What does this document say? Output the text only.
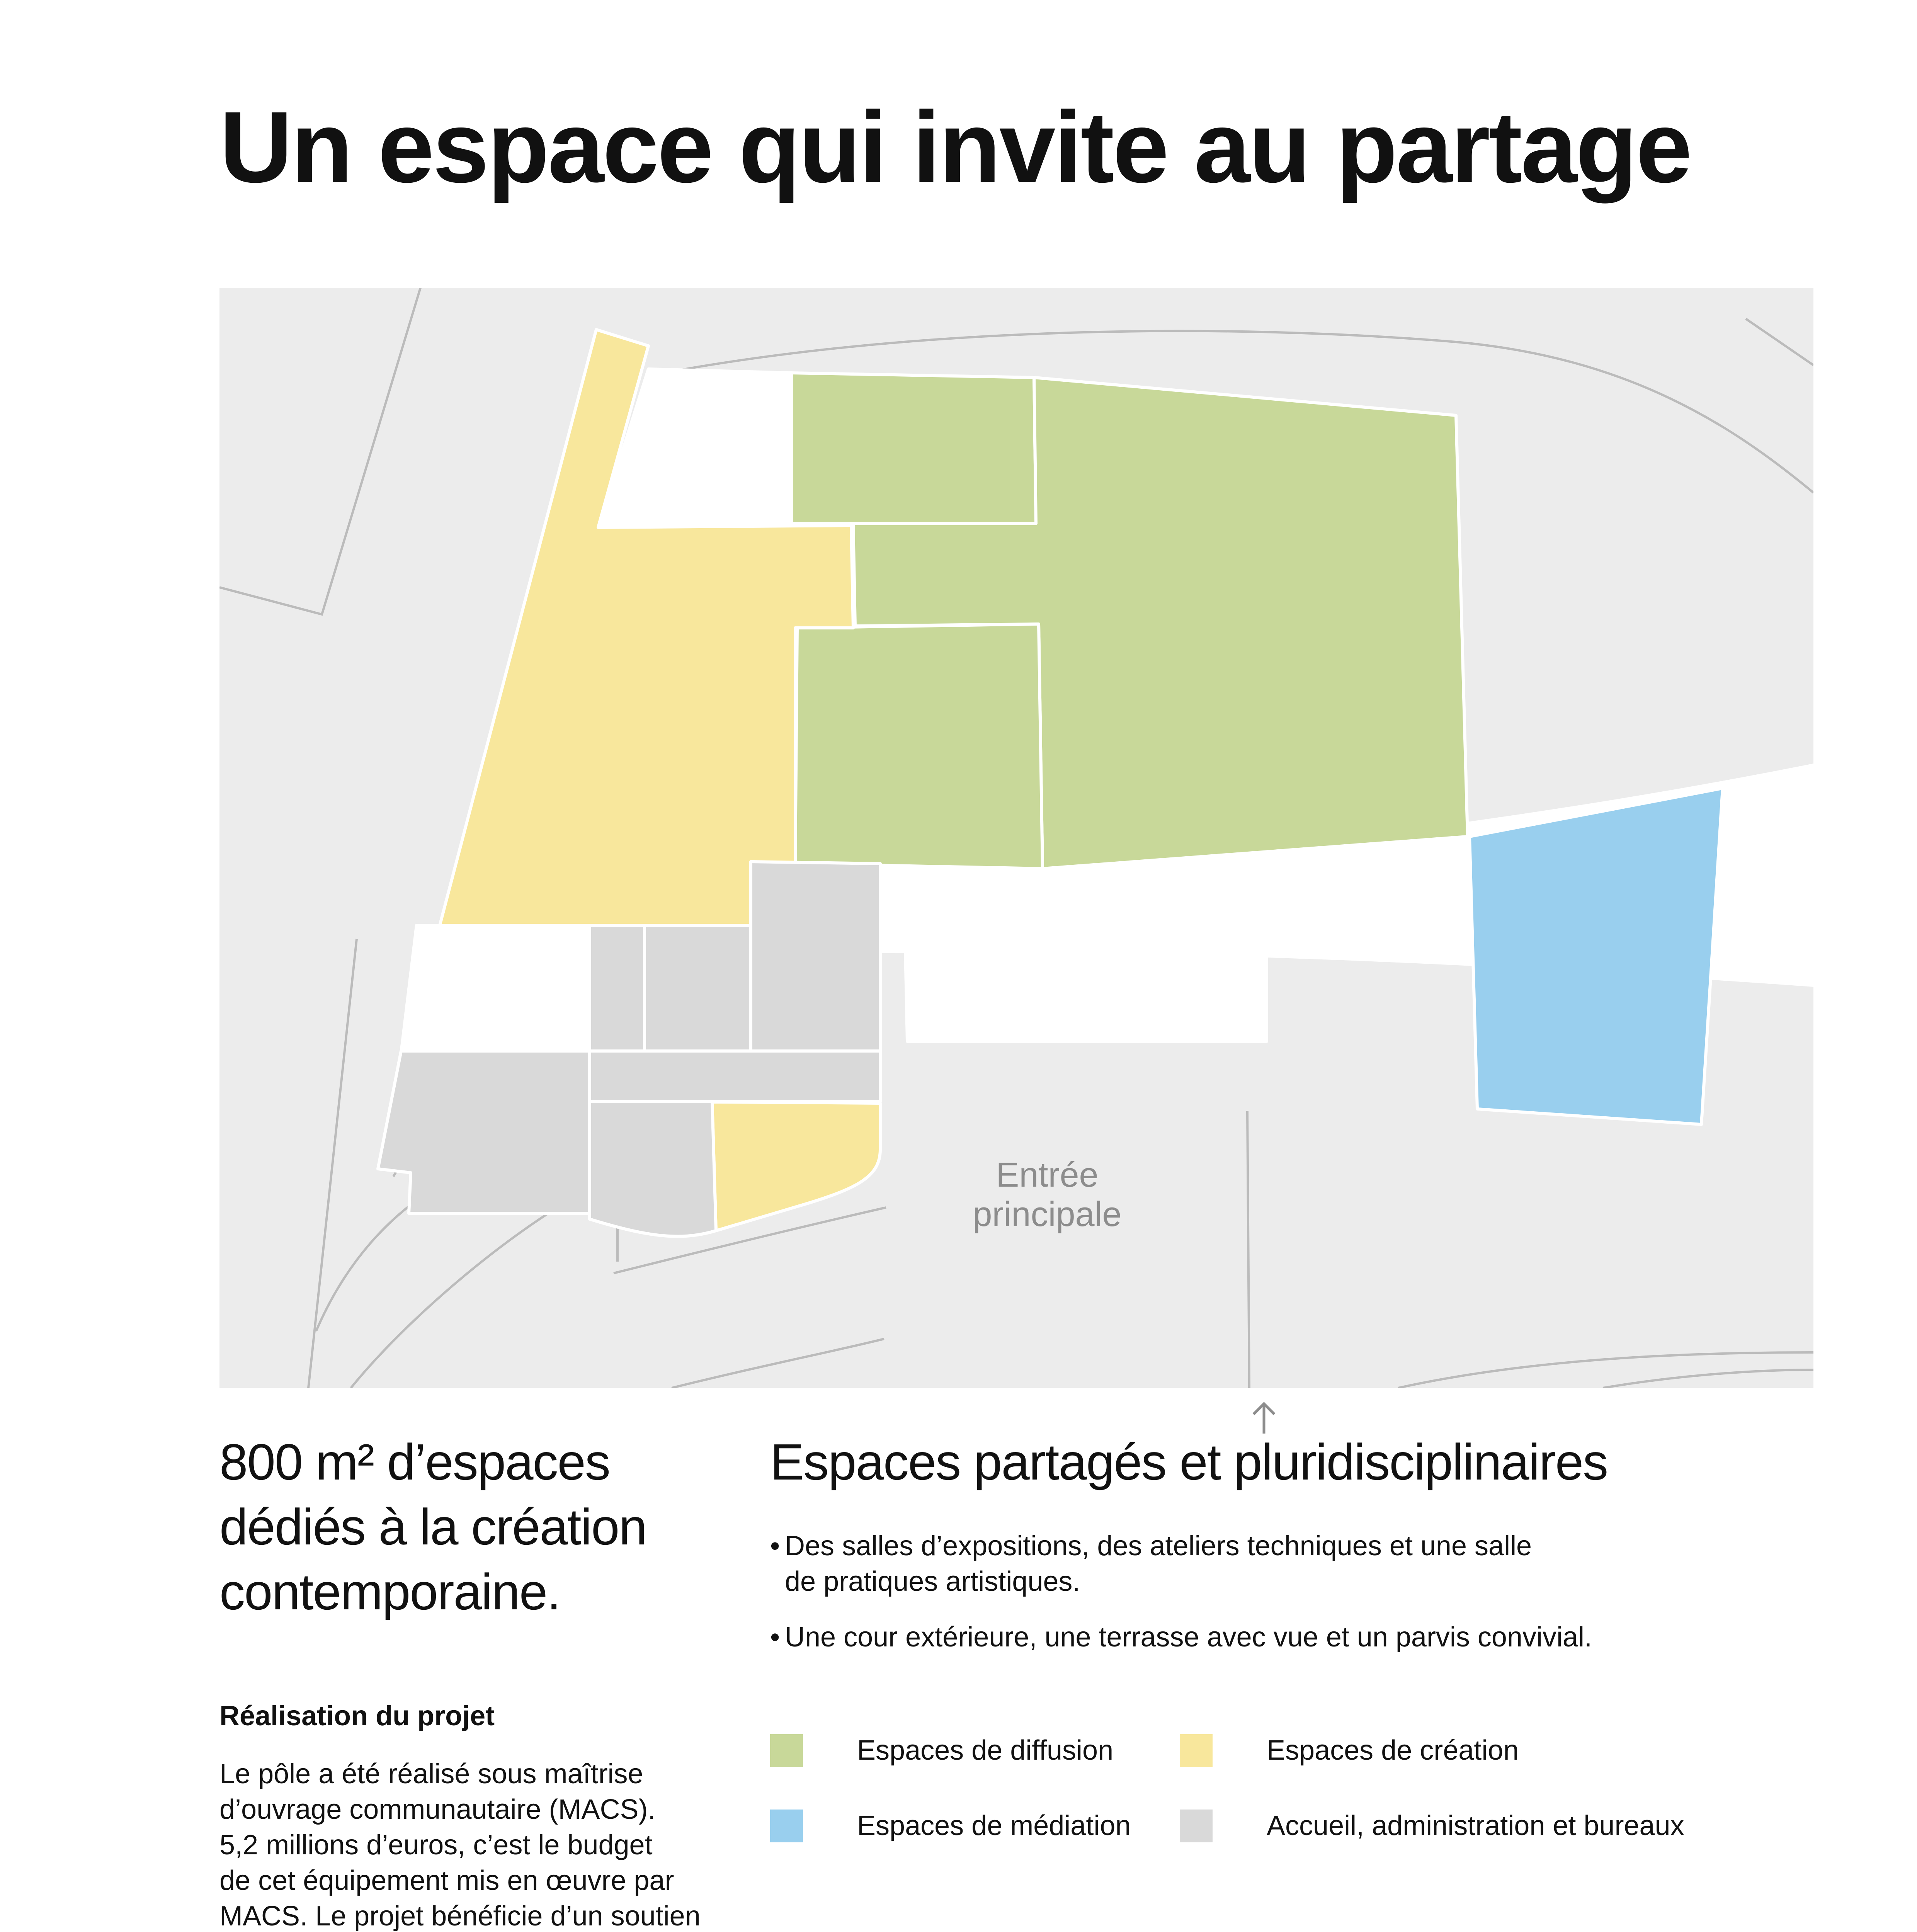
Un espace qui invite au partage
Entrée
principale
800 m² d’espaces
dédiés à la création
contemporaine.
Espaces partagés et pluridisciplinaires
• Des salles d’expositions, des ateliers techniques et une salle
de pratiques artistiques.
• Une cour extérieure, une terrasse avec vue et un parvis convivial.
Espaces de diffusion	Espaces de création
Espaces de médiation	Accueil, administration et bureaux
Réalisation du projet

Le pôle a été réalisé sous maîtrise
d’ouvrage communautaire (MACS).
5,2 millions d’euros, c’est le budget
de cet équipement mis en œuvre par
MACS. Le projet bénéficie d’un soutien
